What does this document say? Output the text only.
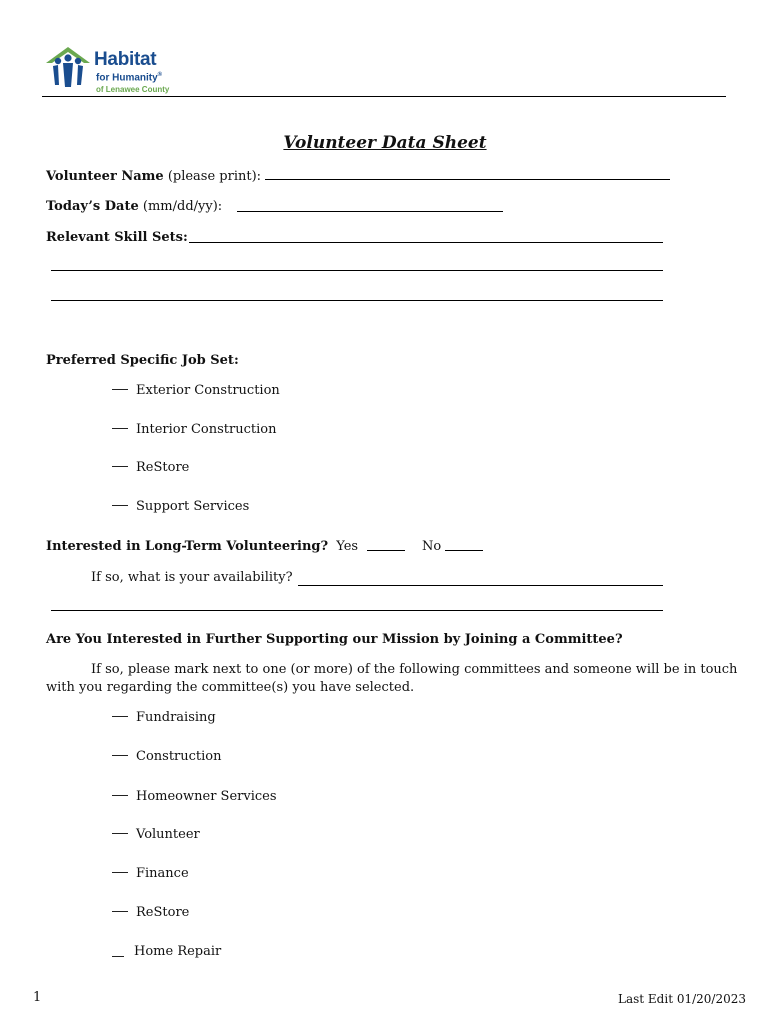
Habitat
for Humanity®
of Lenawee County
Volunteer Data Sheet
Volunteer Name (please print):
Today’s Date (mm/dd/yy):
Relevant Skill Sets:
Preferred Specific Job Set:
Exterior Construction
Interior Construction
ReStore
Support Services
Interested in Long-Term Volunteering? Yes	No
If so, what is your availability?
Are You Interested in Further Supporting our Mission by Joining a Committee?
If so, please mark next to one (or more) of the following committees and someone will be in touch
with you regarding the committee(s) you have selected.
Fundraising
Construction
Homeowner Services
Volunteer
Finance
ReStore
Home Repair
1	Last Edit 01/20/2023
